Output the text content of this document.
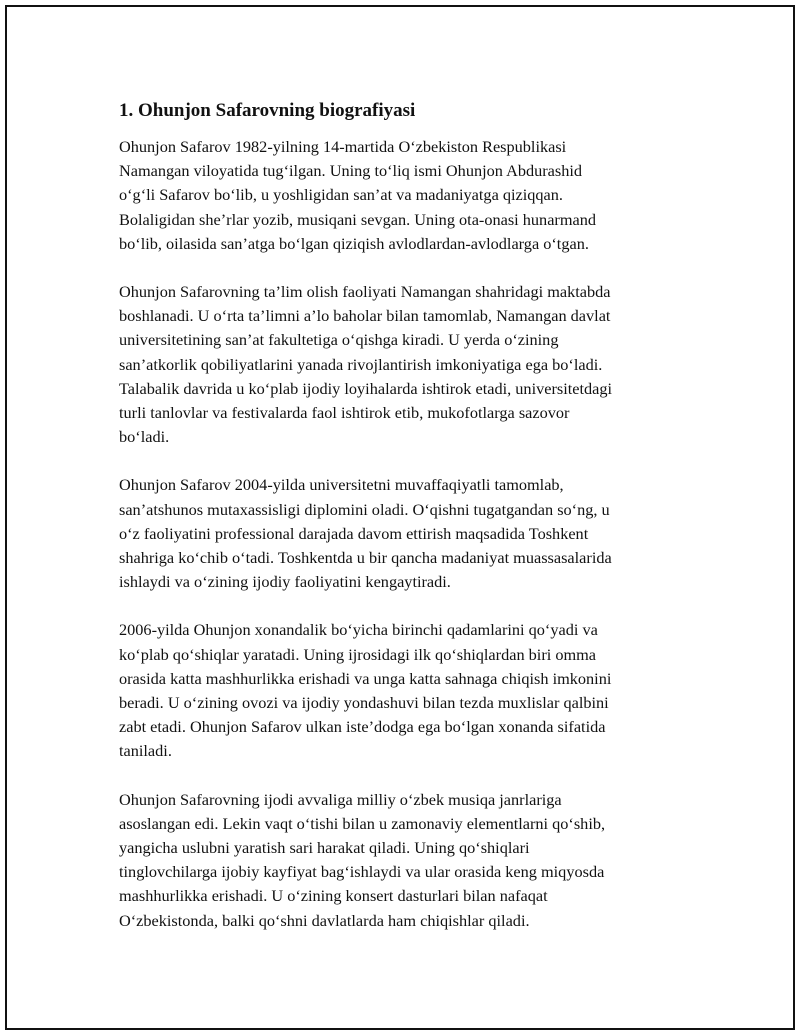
1. Ohunjon Safarovning biografiyasi

Ohunjon Safarov 1982-yilning 14-martida O‘zbekiston Respublikasi
Namangan viloyatida tug‘ilgan. Uning to‘liq ismi Ohunjon Abdurashid
o‘g‘li Safarov bo‘lib, u yoshligidan san’at va madaniyatga qiziqqan.
Bolaligidan she’rlar yozib, musiqani sevgan. Uning ota-onasi hunarmand
bo‘lib, oilasida san’atga bo‘lgan qiziqish avlodlardan-avlodlarga o‘tgan.

Ohunjon Safarovning ta’lim olish faoliyati Namangan shahridagi maktabda
boshlanadi. U o‘rta ta’limni a’lo baholar bilan tamomlab, Namangan davlat
universitetining san’at fakultetiga o‘qishga kiradi. U yerda o‘zining
san’atkorlik qobiliyatlarini yanada rivojlantirish imkoniyatiga ega bo‘ladi.
Talabalik davrida u ko‘plab ijodiy loyihalarda ishtirok etadi, universitetdagi
turli tanlovlar va festivalarda faol ishtirok etib, mukofotlarga sazovor
bo‘ladi.

Ohunjon Safarov 2004-yilda universitetni muvaffaqiyatli tamomlab,
san’atshunos mutaxassisligi diplomini oladi. O‘qishni tugatgandan so‘ng, u
o‘z faoliyatini professional darajada davom ettirish maqsadida Toshkent
shahriga ko‘chib o‘tadi. Toshkentda u bir qancha madaniyat muassasalarida
ishlaydi va o‘zining ijodiy faoliyatini kengaytiradi.

2006-yilda Ohunjon xonandalik bo‘yicha birinchi qadamlarini qo‘yadi va
ko‘plab qo‘shiqlar yaratadi. Uning ijrosidagi ilk qo‘shiqlardan biri omma
orasida katta mashhurlikka erishadi va unga katta sahnaga chiqish imkonini
beradi. U o‘zining ovozi va ijodiy yondashuvi bilan tezda muxlislar qalbini
zabt etadi. Ohunjon Safarov ulkan iste’dodga ega bo‘lgan xonanda sifatida
taniladi.

Ohunjon Safarovning ijodi avvaliga milliy o‘zbek musiqa janrlariga
asoslangan edi. Lekin vaqt o‘tishi bilan u zamonaviy elementlarni qo‘shib,
yangicha uslubni yaratish sari harakat qiladi. Uning qo‘shiqlari
tinglovchilarga ijobiy kayfiyat bag‘ishlaydi va ular orasida keng miqyosda
mashhurlikka erishadi. U o‘zining konsert dasturlari bilan nafaqat
O‘zbekistonda, balki qo‘shni davlatlarda ham chiqishlar qiladi.
